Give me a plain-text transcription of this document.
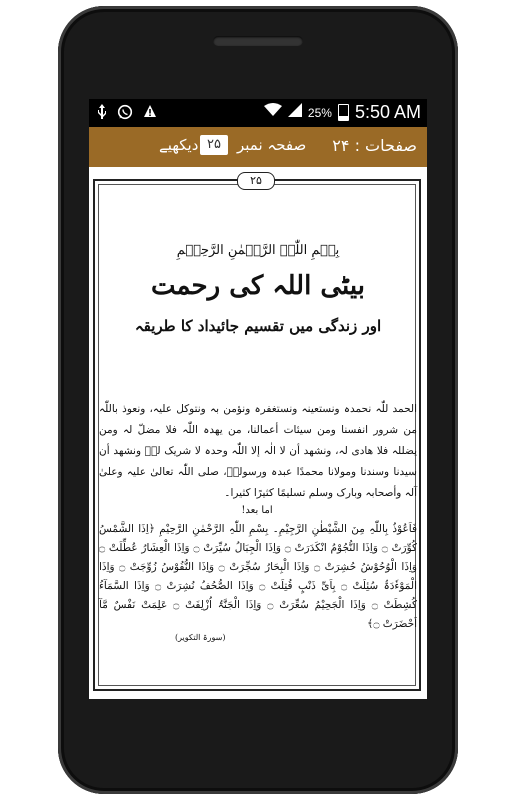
25% 5:50 AM
صفحات : ۲۴
صفحہ نمبر
۲۵
دیکھیے
۲۵
بِسۡمِ اللّٰہِ الرَّحۡمٰنِ الرَّحِیۡمِ
بیٹی اللہ کی رحمت
اور زندگی میں تقسیم جائیداد کا طریقہ
الحمد للّٰہ نحمدہ ونستعینہ ونستغفرہ ونؤمن بہ ونتوکل علیہ، ونعوذ باللّٰہ من شرور انفسنا ومن سیئات أعمالنا، من یھدہ اللّٰہ فلا مضلّ لہ ومن یضللہ فلا ھادی لہ، ونشھد أن لا الٰہ إلا اللّٰہ وحدہ لا شریک لہٗ ونشھد أن سیدنا وسندنا ومولانا محمدًا عبدہ ورسولہٗ، صلی اللّٰہ تعالیٰ علیہ وعلیٰ آلہ وأصحابہ وبارک وسلم تسلیمًا کثیرًا کثیرا۔
اما بعد!
فَاَعُوْذُ بِاللّٰہِ مِنَ الشَّیْطٰنِ الرَّجِیْمِ۔ بِسْمِ اللّٰہِ الرَّحْمٰنِ الرَّحِیْمِ ﴿اِذَا الشَّمْسُ کُوِّرَتْ ۝ وَاِذَا النُّجُوْمُ انْکَدَرَتْ ۝ وَاِذَا الْجِبَالُ سُیِّرَتْ ۝ وَاِذَا الْعِشَارُ عُطِّلَتْ ۝ وَاِذَا الْوُحُوْشُ حُشِرَتْ ۝ وَاِذَا الْبِحَارُ سُجِّرَتْ ۝ وَاِذَا النُّفُوْسُ زُوِّجَتْ ۝ وَاِذَا الْمَوْءٗدَۃُ سُئِلَتْ ۝ بِاَیِّ ذَنْبٍ قُتِلَتْ ۝ وَاِذَا الصُّحُفُ نُشِرَتْ ۝ وَاِذَا السَّمَآءُ کُشِطَتْ ۝ وَاِذَا الْجَحِیْمُ سُعِّرَتْ ۝ وَاِذَا الْجَنَّۃُ اُزْلِفَتْ ۝ عَلِمَتْ نَفْسٌ مَّآ اَحْضَرَتْ ۝﴾
(سورۃ التکویر)
